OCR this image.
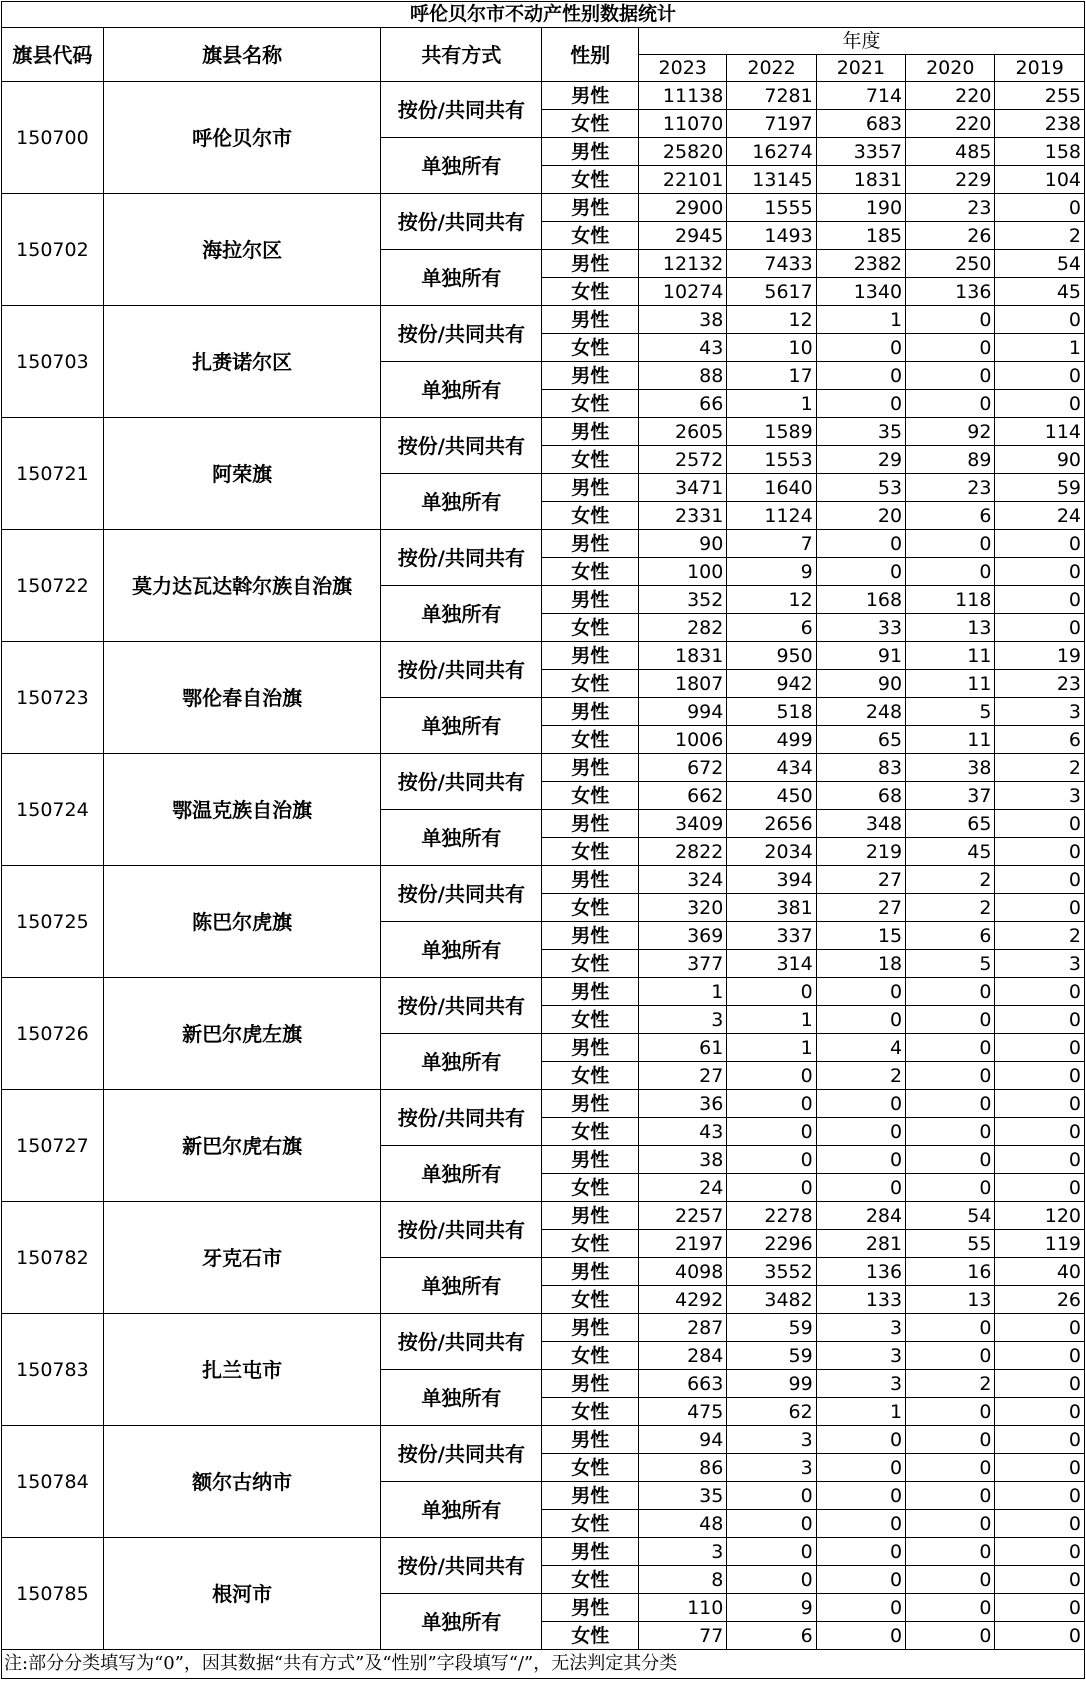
呼伦贝尔市不动产性别数据统计								
旗县代码	旗县名称	共有方式	性别	年度				
				2023	2022	2021	2020	2019
150700	呼伦贝尔市	按份/共同共有	男性	11138	7281	714	220	255
			女性	11070	7197	683	220	238
		单独所有	男性	25820	16274	3357	485	158
			女性	22101	13145	1831	229	104
150702	海拉尔区	按份/共同共有	男性	2900	1555	190	23	0
			女性	2945	1493	185	26	2
		单独所有	男性	12132	7433	2382	250	54
			女性	10274	5617	1340	136	45
150703	扎赉诺尔区	按份/共同共有	男性	38	12	1	0	0
			女性	43	10	0	0	1
		单独所有	男性	88	17	0	0	0
			女性	66	1	0	0	0
150721	阿荣旗	按份/共同共有	男性	2605	1589	35	92	114
			女性	2572	1553	29	89	90
		单独所有	男性	3471	1640	53	23	59
			女性	2331	1124	20	6	24
150722	莫力达瓦达斡尔族自治旗	按份/共同共有	男性	90	7	0	0	0
			女性	100	9	0	0	0
		单独所有	男性	352	12	168	118	0
			女性	282	6	33	13	0
150723	鄂伦春自治旗	按份/共同共有	男性	1831	950	91	11	19
			女性	1807	942	90	11	23
		单独所有	男性	994	518	248	5	3
			女性	1006	499	65	11	6
150724	鄂温克族自治旗	按份/共同共有	男性	672	434	83	38	2
			女性	662	450	68	37	3
		单独所有	男性	3409	2656	348	65	0
			女性	2822	2034	219	45	0
150725	陈巴尔虎旗	按份/共同共有	男性	324	394	27	2	0
			女性	320	381	27	2	0
		单独所有	男性	369	337	15	6	2
			女性	377	314	18	5	3
150726	新巴尔虎左旗	按份/共同共有	男性	1	0	0	0	0
			女性	3	1	0	0	0
		单独所有	男性	61	1	4	0	0
			女性	27	0	2	0	0
150727	新巴尔虎右旗	按份/共同共有	男性	36	0	0	0	0
			女性	43	0	0	0	0
		单独所有	男性	38	0	0	0	0
			女性	24	0	0	0	0
150782	牙克石市	按份/共同共有	男性	2257	2278	284	54	120
			女性	2197	2296	281	55	119
		单独所有	男性	4098	3552	136	16	40
			女性	4292	3482	133	13	26
150783	扎兰屯市	按份/共同共有	男性	287	59	3	0	0
			女性	284	59	3	0	0
		单独所有	男性	663	99	3	2	0
			女性	475	62	1	0	0
150784	额尔古纳市	按份/共同共有	男性	94	3	0	0	0
			女性	86	3	0	0	0
		单独所有	男性	35	0	0	0	0
			女性	48	0	0	0	0
150785	根河市	按份/共同共有	男性	3	0	0	0	0
			女性	8	0	0	0	0
		单独所有	男性	110	9	0	0	0
			女性	77	6	0	0	0
注:部分分类填写为“0”，因其数据“共有方式”及“性别”字段填写“/”，无法判定其分类								
